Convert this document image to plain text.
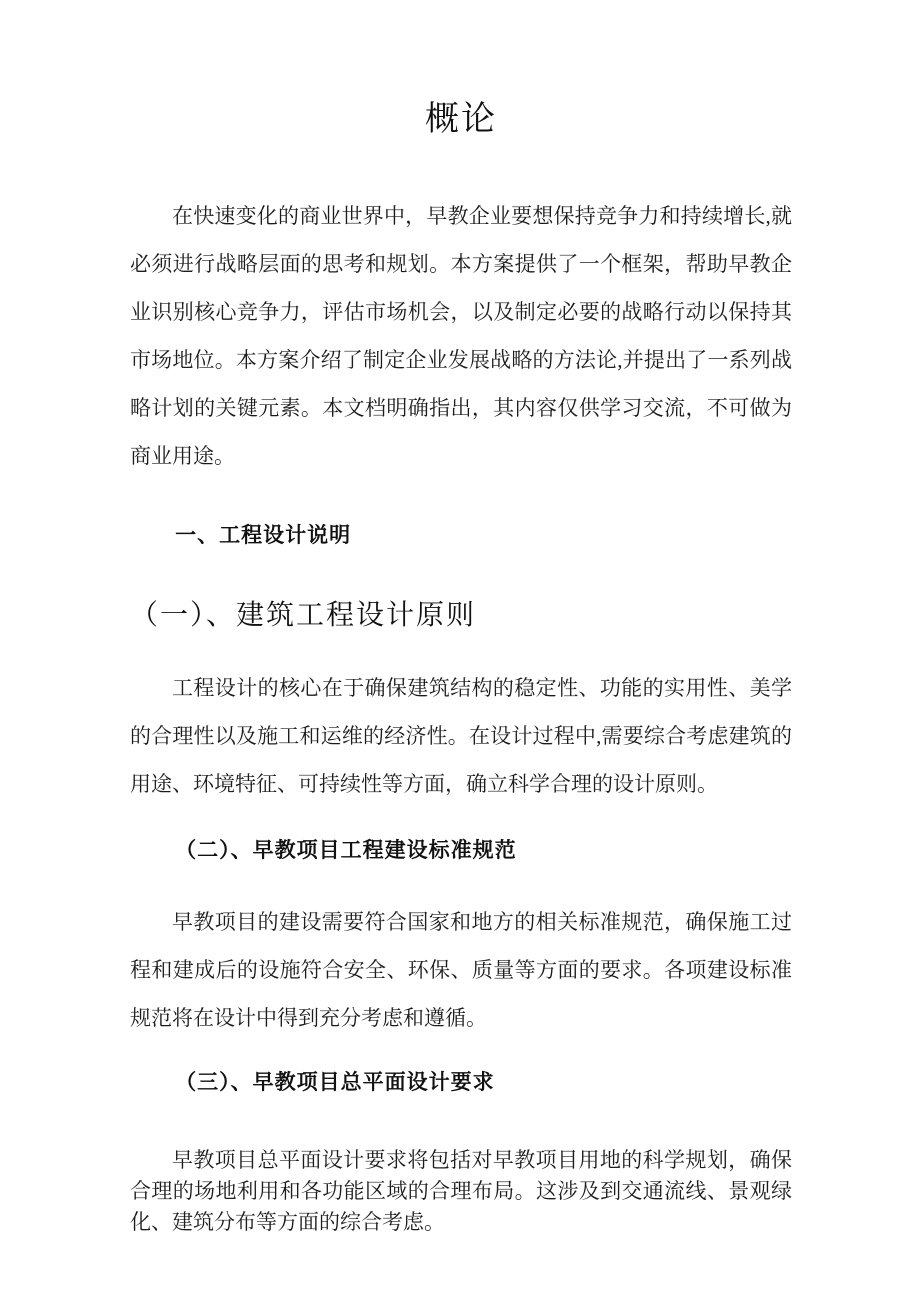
概论

在快速变化的商业世界中，早教企业要想保持竞争力和持续增长,就必须进行战略层面的思考和规划。本方案提供了一个框架，帮助早教企业识别核心竞争力，评估市场机会，以及制定必要的战略行动以保持其市场地位。本方案介绍了制定企业发展战略的方法论,并提出了一系列战略计划的关键元素。本文档明确指出，其内容仅供学习交流，不可做为商业用途。

一、工程设计说明
（一）、建筑工程设计原则

工程设计的核心在于确保建筑结构的稳定性、功能的实用性、美学的合理性以及施工和运维的经济性。在设计过程中,需要综合考虑建筑的用途、环境特征、可持续性等方面，确立科学合理的设计原则。

（二）、早教项目工程建设标准规范

早教项目的建设需要符合国家和地方的相关标准规范，确保施工过程和建成后的设施符合安全、环保、质量等方面的要求。各项建设标准规范将在设计中得到充分考虑和遵循。

（三）、早教项目总平面设计要求

早教项目总平面设计要求将包括对早教项目用地的科学规划，确保合理的场地利用和各功能区域的合理布局。这涉及到交通流线、景观绿化、建筑分布等方面的综合考虑。
